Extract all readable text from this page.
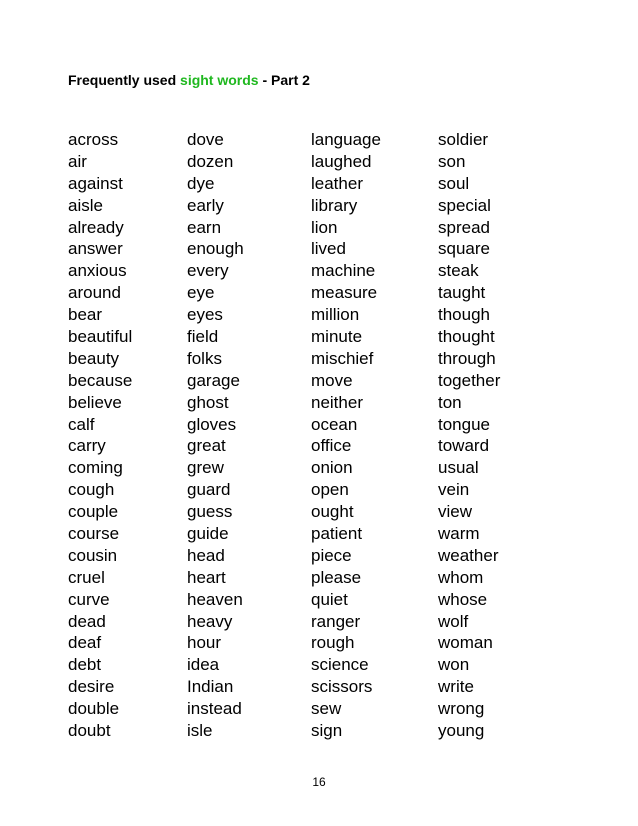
Frequently used sight words - Part 2
across
air
against
aisle
already
answer
anxious
around
bear
beautiful
beauty
because
believe
calf
carry
coming
cough
couple
course
cousin
cruel
curve
dead
deaf
debt
desire
double
doubt
dove
dozen
dye
early
earn
enough
every
eye
eyes
field
folks
garage
ghost
gloves
great
grew
guard
guess
guide
head
heart
heaven
heavy
hour
idea
Indian
instead
isle
language
laughed
leather
library
lion
lived
machine
measure
million
minute
mischief
move
neither
ocean
office
onion
open
ought
patient
piece
please
quiet
ranger
rough
science
scissors
sew
sign
soldier
son
soul
special
spread
square
steak
taught
though
thought
through
together
ton
tongue
toward
usual
vein
view
warm
weather
whom
whose
wolf
woman
won
write
wrong
young
16
